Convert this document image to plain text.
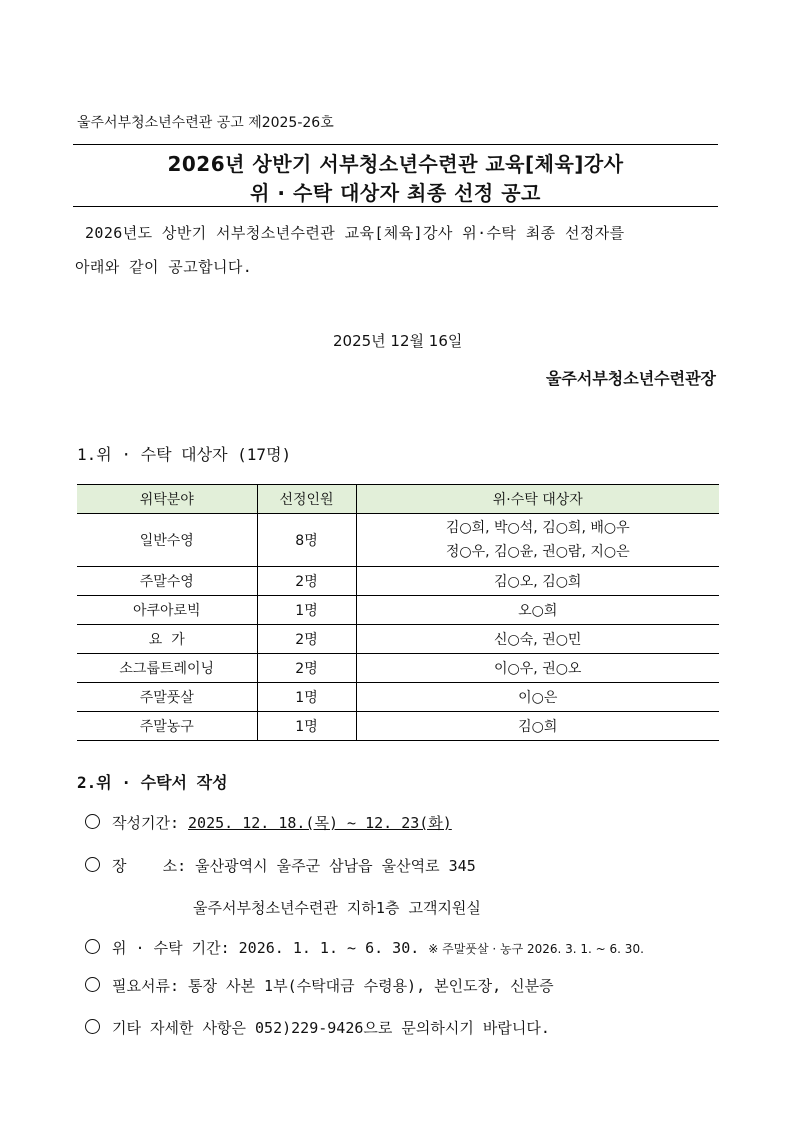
울주서부청소년수련관 공고 제2025-26호
2026년 상반기 서부청소년수련관 교육[체육]강사
위 · 수탁 대상자 최종 선정 공고
2026년도 상반기 서부청소년수련관 교육[체육]강사 위·수탁 최종 선정자를
아래와 같이 공고합니다.
2025년 12월 16일
울주서부청소년수련관장
1.위 · 수탁 대상자 (17명)
위탁분야	선정인원	위·수탁 대상자
일반수영	8명	김○희, 박○석, 김○희, 배○우
정○우, 김○윤, 권○람, 지○은

주말수영	2명	김○오, 김○희
아쿠아로빅	1명	오○희
요  가	2명	신○숙, 권○민
소그룹트레이닝	2명	이○우, 권○오
주말풋살	1명	이○은
주말농구	1명	김○희
2.위 · 수탁서 작성
작성기간: 2025. 12. 18.(목) ~ 12. 23(화)
장    소: 울산광역시 울주군 삼남읍 울산역로 345
울주서부청소년수련관 지하1층 고객지원실
위 · 수탁 기간: 2026. 1. 1. ~ 6. 30. ※ 주말풋살 · 농구 2026. 3. 1. ~ 6. 30.
필요서류: 통장 사본 1부(수탁대금 수령용), 본인도장, 신분증
기타 자세한 사항은 052)229-9426으로 문의하시기 바랍니다.
